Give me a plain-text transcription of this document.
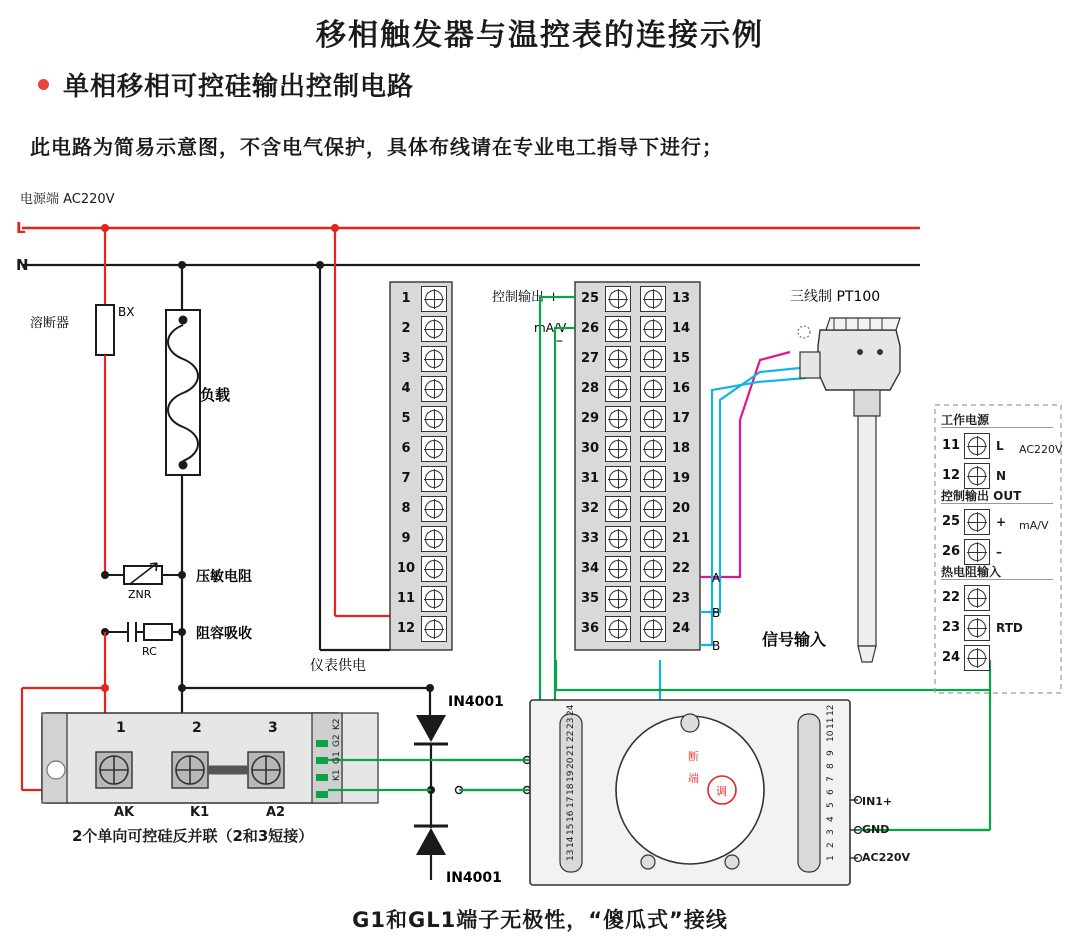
移相触发器与温控表的连接示例
单相移相可控硅输出控制电路
此电路为简易示意图，不含电气保护，具体布线请在专业电工指导下进行；
电源端 AC220V
G1和GL1端子无极性，“傻瓜式”接线
L
N
溶断器
BX
负载
压敏电阻
ZNR
阻容吸收
RC
仪表供电
控制输出 +
mA/V
–
三线制 PT100
信号输入
A
B
B
IN4001
IN4001
调
断
端
1
2
3
4
5
6
7
8
9
10
11
12
25
26
27
28
29
30
31
32
33
34
35
36
13
14
15
16
17
18
19
20
21
22
23
24
24
23
22
21
20
19
18
17
16
15
14
13
12
11
10
9
8
7
6
5
4
3
2
1
工作电源
11	L
12	N
AC220V
控制输出 OUT
25	+
26	–
mA/V
热电阻输入
22
23	RTD
24
AK	K1	A2
1	2	3
2个单向可控硅反并联（2和3短接）
K2
G2
G1
K1
IN1+
GND
AC220V
